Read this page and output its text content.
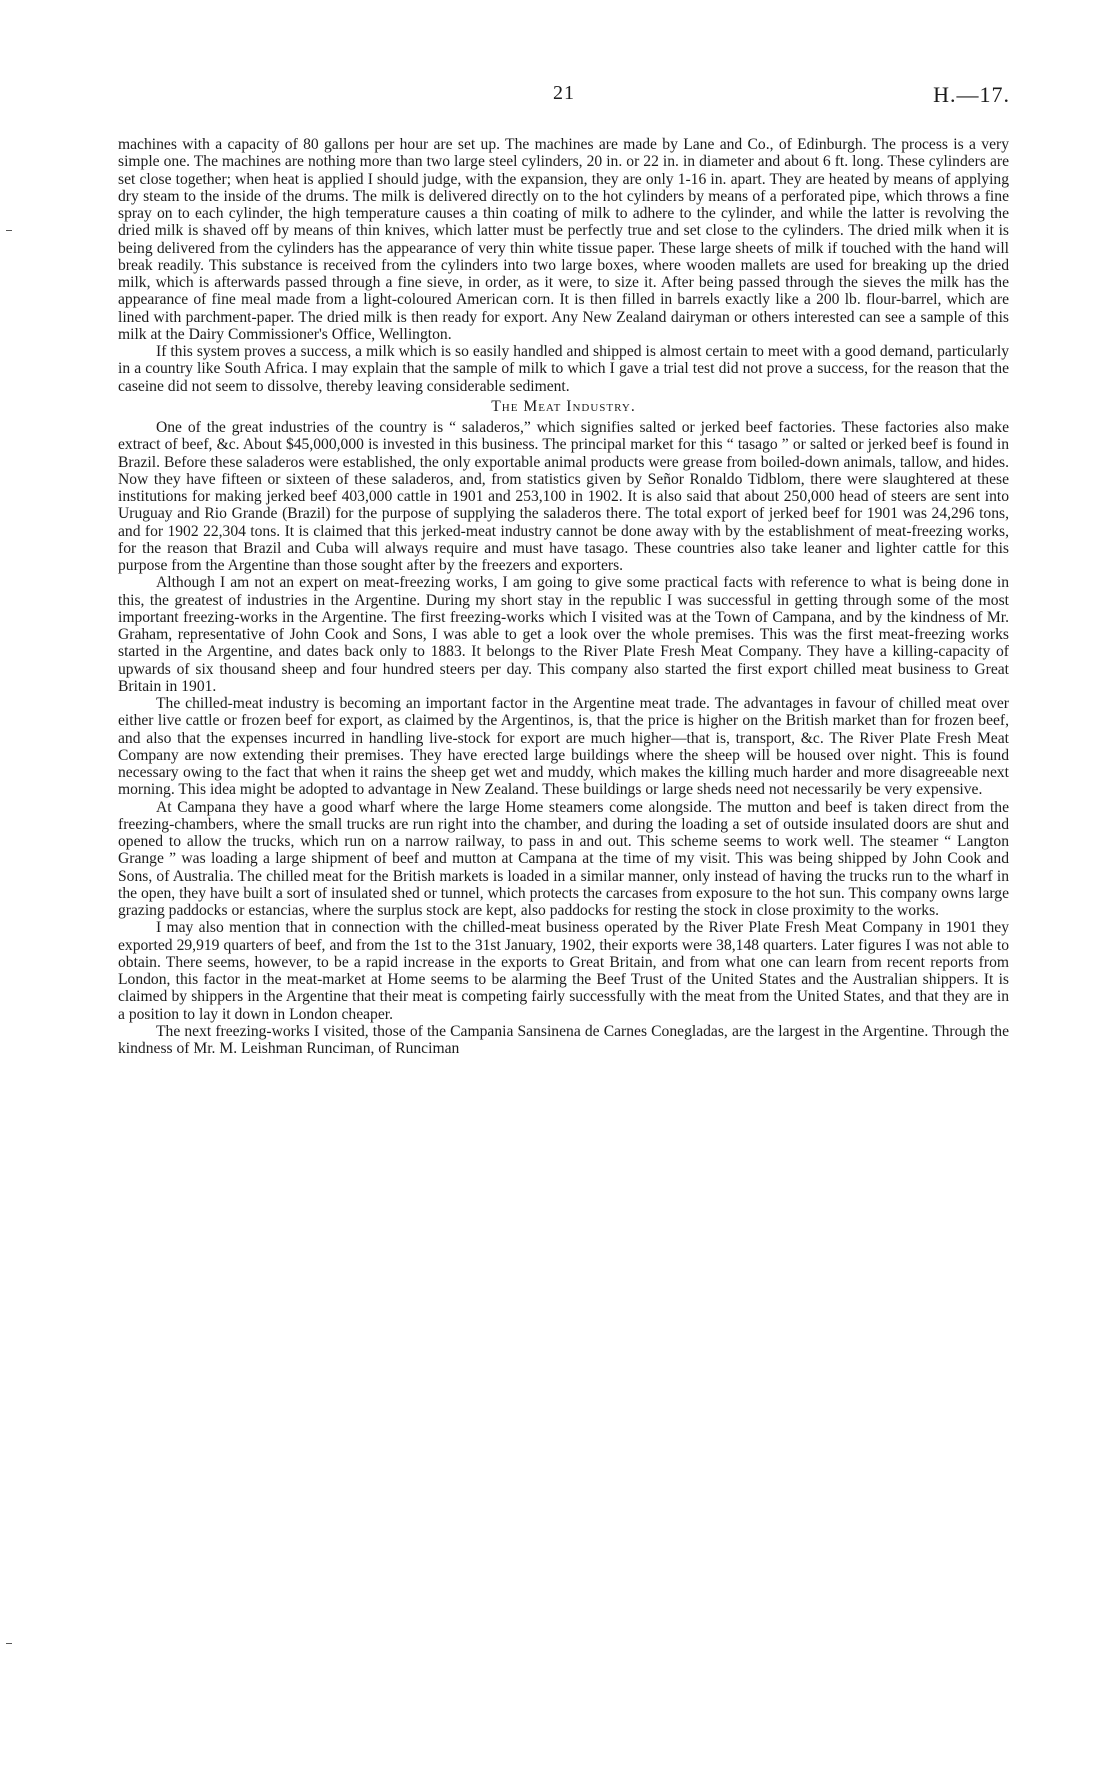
21	H.—17.

machines with a capacity of 80 gallons per hour are set up. The machines are made by Lane and Co., of Edinburgh. The process is a very simple one. The machines are nothing more than two large steel cylinders, 20 in. or 22 in. in diameter and about 6 ft. long. These cylinders are set close together; when heat is applied I should judge, with the expansion, they are only 1-16 in. apart. They are heated by means of applying dry steam to the inside of the drums. The milk is delivered directly on to the hot cylinders by means of a perforated pipe, which throws a fine spray on to each cylinder, the high temperature causes a thin coating of milk to adhere to the cylinder, and while the latter is revolving the dried milk is shaved off by means of thin knives, which latter must be perfectly true and set close to the cylinders. The dried milk when it is being delivered from the cylinders has the appearance of very thin white tissue paper. These large sheets of milk if touched with the hand will break readily. This substance is received from the cylinders into two large boxes, where wooden mallets are used for breaking up the dried milk, which is afterwards passed through a fine sieve, in order, as it were, to size it. After being passed through the sieves the milk has the appearance of fine meal made from a light-coloured American corn. It is then filled in barrels exactly like a 200 lb. flour-barrel, which are lined with parchment-paper. The dried milk is then ready for export. Any New Zealand dairyman or others interested can see a sample of this milk at the Dairy Commissioner's Office, Wellington.

If this system proves a success, a milk which is so easily handled and shipped is almost certain to meet with a good demand, particularly in a country like South Africa. I may explain that the sample of milk to which I gave a trial test did not prove a success, for the reason that the caseine did not seem to dissolve, thereby leaving considerable sediment.

The Meat Industry.

One of the great industries of the country is “ saladeros,” which signifies salted or jerked beef factories. These factories also make extract of beef, &c. About $45,000,000 is invested in this business. The principal market for this “ tasago ” or salted or jerked beef is found in Brazil. Before these saladeros were established, the only exportable animal products were grease from boiled-down animals, tallow, and hides. Now they have fifteen or sixteen of these saladeros, and, from statistics given by Señor Ronaldo Tidblom, there were slaughtered at these institutions for making jerked beef 403,000 cattle in 1901 and 253,100 in 1902. It is also said that about 250,000 head of steers are sent into Uruguay and Rio Grande (Brazil) for the purpose of supplying the saladeros there. The total export of jerked beef for 1901 was 24,296 tons, and for 1902 22,304 tons. It is claimed that this jerked-meat industry cannot be done away with by the establishment of meat-freezing works, for the reason that Brazil and Cuba will always require and must have tasago. These countries also take leaner and lighter cattle for this purpose from the Argentine than those sought after by the freezers and exporters.

Although I am not an expert on meat-freezing works, I am going to give some practical facts with reference to what is being done in this, the greatest of industries in the Argentine. During my short stay in the republic I was successful in getting through some of the most important freezing-works in the Argentine. The first freezing-works which I visited was at the Town of Campana, and by the kindness of Mr. Graham, representative of John Cook and Sons, I was able to get a look over the whole premises. This was the first meat-freezing works started in the Argentine, and dates back only to 1883. It belongs to the River Plate Fresh Meat Company. They have a killing-capacity of upwards of six thousand sheep and four hundred steers per day. This company also started the first export chilled meat business to Great Britain in 1901.

The chilled-meat industry is becoming an important factor in the Argentine meat trade. The advantages in favour of chilled meat over either live cattle or frozen beef for export, as claimed by the Argentinos, is, that the price is higher on the British market than for frozen beef, and also that the expenses incurred in handling live-stock for export are much higher—that is, transport, &c. The River Plate Fresh Meat Company are now extending their premises. They have erected large buildings where the sheep will be housed over night. This is found necessary owing to the fact that when it rains the sheep get wet and muddy, which makes the killing much harder and more disagreeable next morning. This idea might be adopted to advantage in New Zealand. These buildings or large sheds need not necessarily be very expensive.

At Campana they have a good wharf where the large Home steamers come alongside. The mutton and beef is taken direct from the freezing-chambers, where the small trucks are run right into the chamber, and during the loading a set of outside insulated doors are shut and opened to allow the trucks, which run on a narrow railway, to pass in and out. This scheme seems to work well. The steamer “ Langton Grange ” was loading a large shipment of beef and mutton at Campana at the time of my visit. This was being shipped by John Cook and Sons, of Australia. The chilled meat for the British markets is loaded in a similar manner, only instead of having the trucks run to the wharf in the open, they have built a sort of insulated shed or tunnel, which protects the carcases from exposure to the hot sun. This company owns large grazing paddocks or estancias, where the surplus stock are kept, also paddocks for resting the stock in close proximity to the works.

I may also mention that in connection with the chilled-meat business operated by the River Plate Fresh Meat Company in 1901 they exported 29,919 quarters of beef, and from the 1st to the 31st January, 1902, their exports were 38,148 quarters. Later figures I was not able to obtain. There seems, however, to be a rapid increase in the exports to Great Britain, and from what one can learn from recent reports from London, this factor in the meat-market at Home seems to be alarming the Beef Trust of the United States and the Australian shippers. It is claimed by shippers in the Argentine that their meat is competing fairly successfully with the meat from the United States, and that they are in a position to lay it down in London cheaper.

The next freezing-works I visited, those of the Campania Sansinena de Carnes Conegladas, are the largest in the Argentine. Through the kindness of Mr. M. Leishman Runciman, of Runciman
